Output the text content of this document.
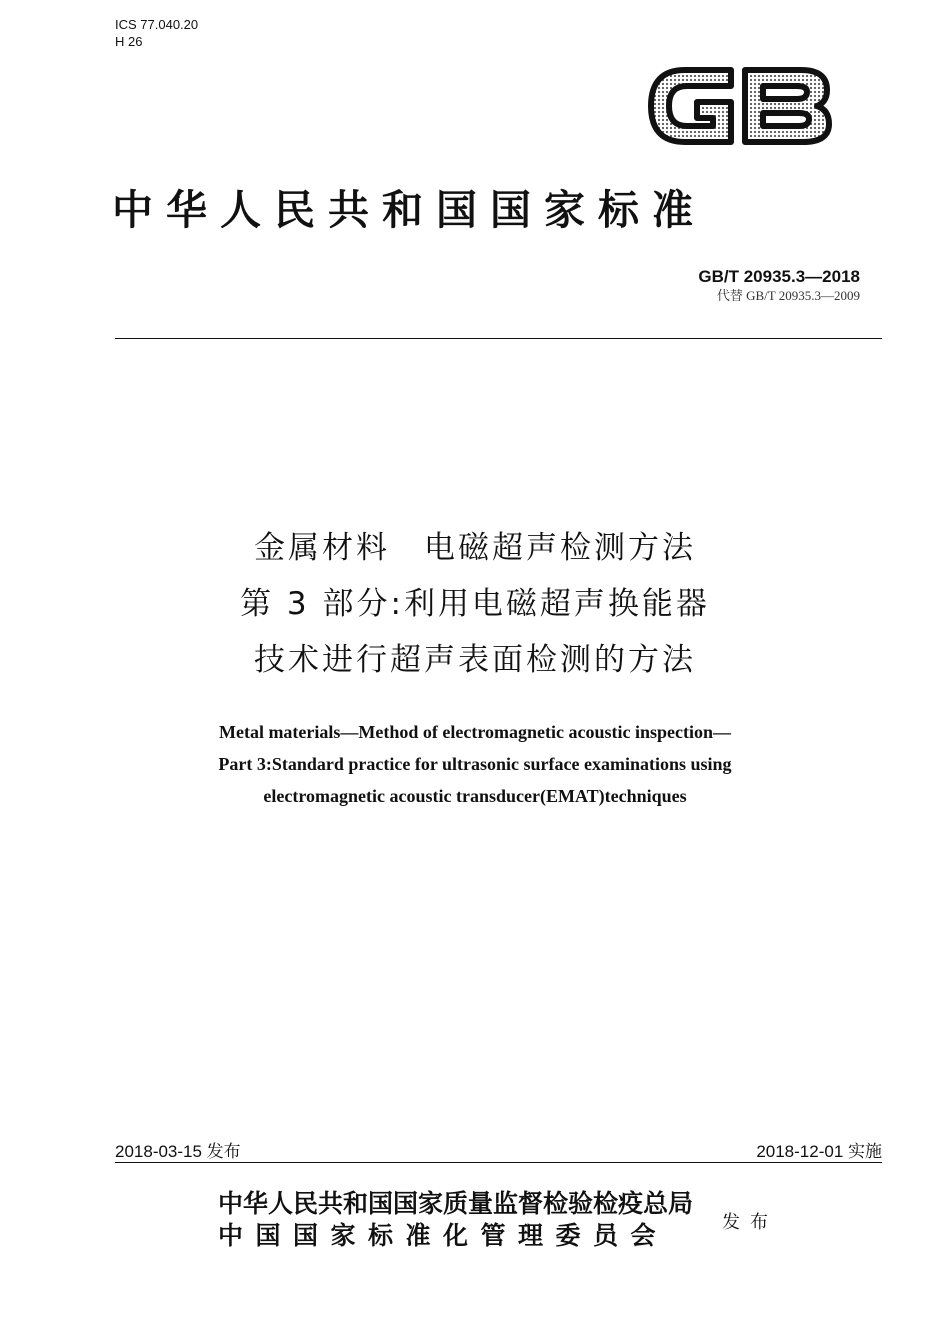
ICS 77.040.20
H 26
中华人民共和国国家标准
GB/T 20935.3—2018
代替 GB/T 20935.3—2009
金属材料　电磁超声检测方法
第 3 部分:利用电磁超声换能器
技术进行超声表面检测的方法
Metal materials—Method of electromagnetic acoustic inspection—
Part 3:Standard practice for ultrasonic surface examinations using
electromagnetic acoustic transducer(EMAT)techniques
2018-03-15 发布	2018-12-01 实施
中华人民共和国国家质量监督检验检疫总局
中国国家标准化管理委员会	发布
